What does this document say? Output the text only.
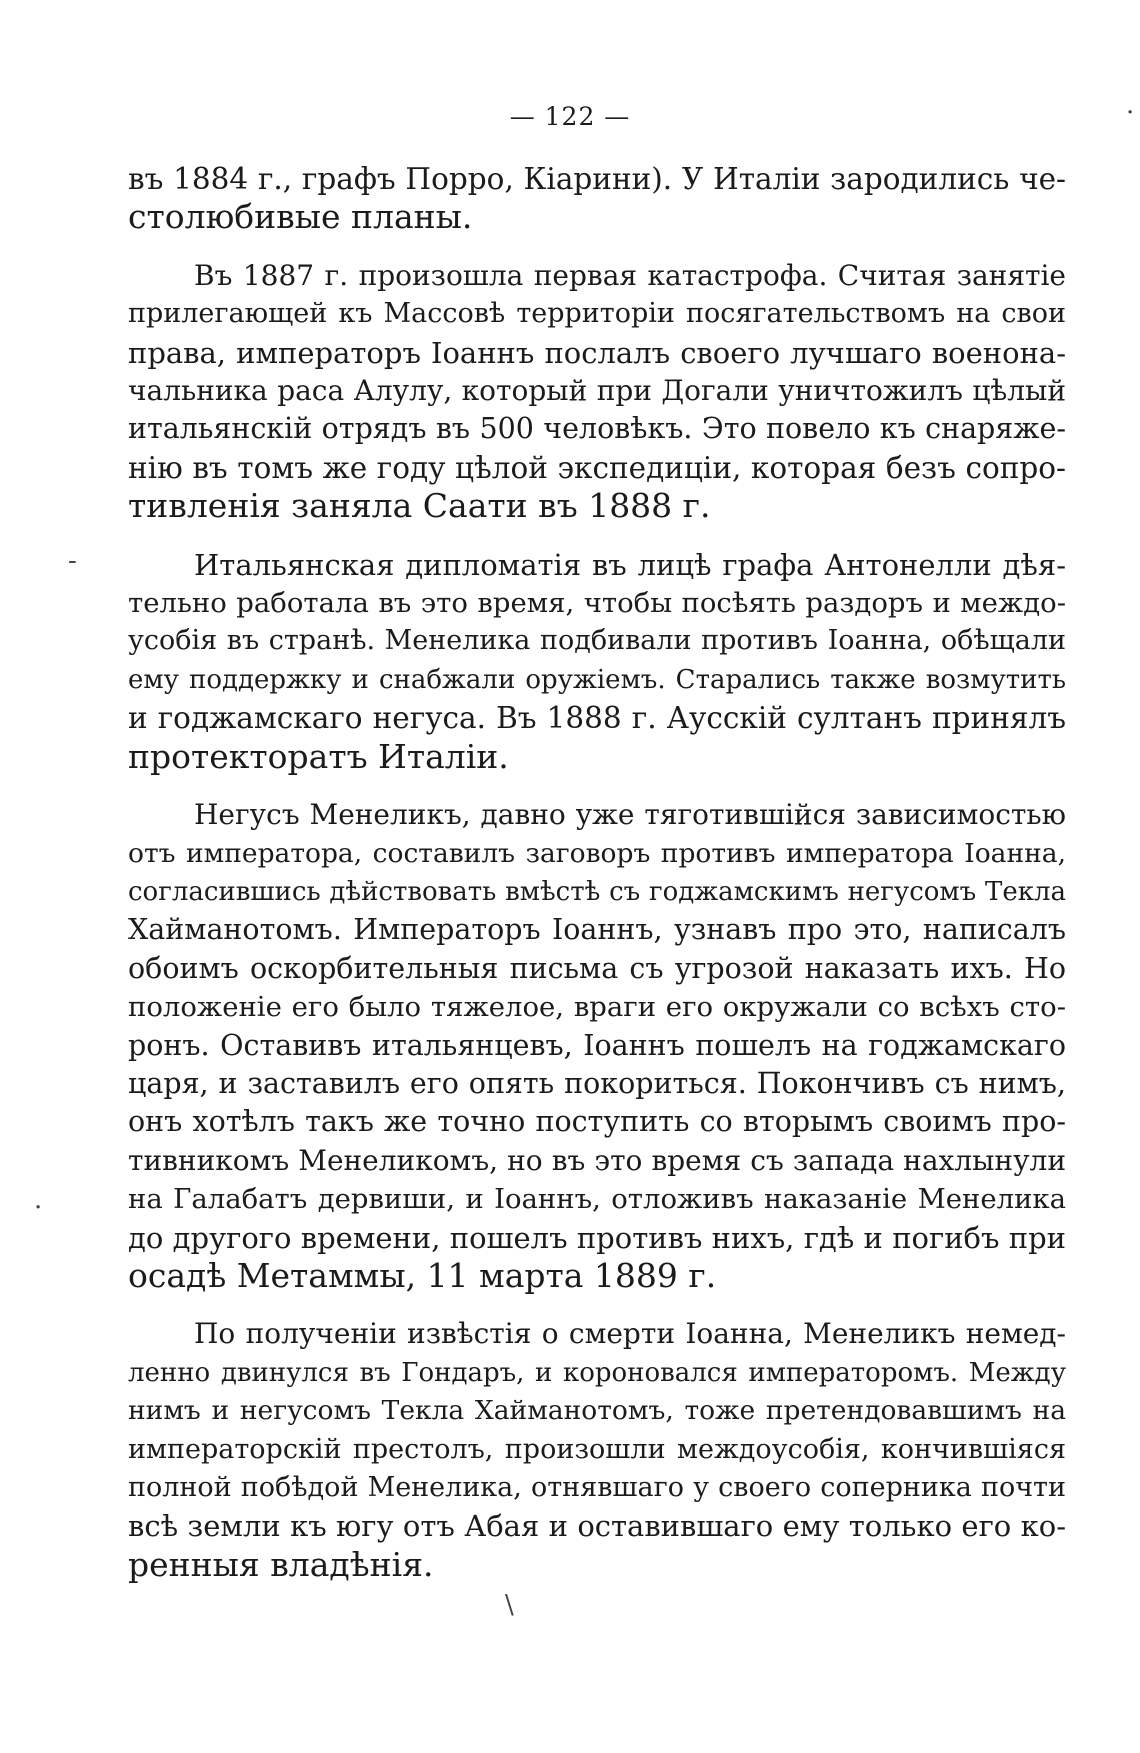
— 122 —
въ 1884 г., графъ Порро, Кіарини). У Италіи зародились че-
столюбивые планы.
Въ 1887 г. произошла первая катастрофа. Считая занятіе
прилегающей къ Массовѣ территоріи посягательствомъ на свои
права, императоръ Іоаннъ послалъ своего лучшаго военона-
чальника раса Алулу, который при Догали уничтожилъ цѣлый
итальянскій отрядъ въ 500 человѣкъ. Это повело къ снаряже-
нію въ томъ же году цѣлой экспедиціи, которая безъ сопро-
тивленія заняла Саати въ 1888 г.
Итальянская дипломатія въ лицѣ графа Антонелли дѣя-
тельно работала въ это время, чтобы посѣять раздоръ и междо-
усобія въ странѣ. Менелика подбивали противъ Іоанна, обѣщали
ему поддержку и снабжали оружіемъ. Старались также возмутить
и годжамскаго негуса. Въ 1888 г. Аусскій султанъ принялъ
протекторатъ Италіи.
Негусъ Менеликъ, давно уже тяготившійся зависимостью
отъ императора, составилъ заговоръ противъ императора Іоанна,
согласившись дѣйствовать вмѣстѣ съ годжамскимъ негусомъ Текла
Хайманотомъ. Императоръ Іоаннъ, узнавъ про это, написалъ
обоимъ оскорбительныя письма съ угрозой наказать ихъ. Но
положеніе его было тяжелое, враги его окружали со всѣхъ сто-
ронъ. Оставивъ итальянцевъ, Іоаннъ пошелъ на годжамскаго
царя, и заставилъ его опять покориться. Покончивъ съ нимъ,
онъ хотѣлъ такъ же точно поступить со вторымъ своимъ про-
тивникомъ Менеликомъ, но въ это время съ запада нахлынули
на Галабатъ дервиши, и Іоаннъ, отложивъ наказаніе Менелика
до другого времени, пошелъ противъ нихъ, гдѣ и погибъ при
осадѣ Метаммы, 11 марта 1889 г.
По полученіи извѣстія о смерти Іоанна, Менеликъ немед-
ленно двинулся въ Гондаръ, и короновался императоромъ. Между
нимъ и негусомъ Текла Хайманотомъ, тоже претендовавшимъ на
императорскій престолъ, произошли междоусобія, кончившіяся
полной побѣдой Менелика, отнявшаго у своего соперника почти
всѣ земли къ югу отъ Абая и оставившаго ему только его ко-
ренныя владѣнія.
-
·
·
\
